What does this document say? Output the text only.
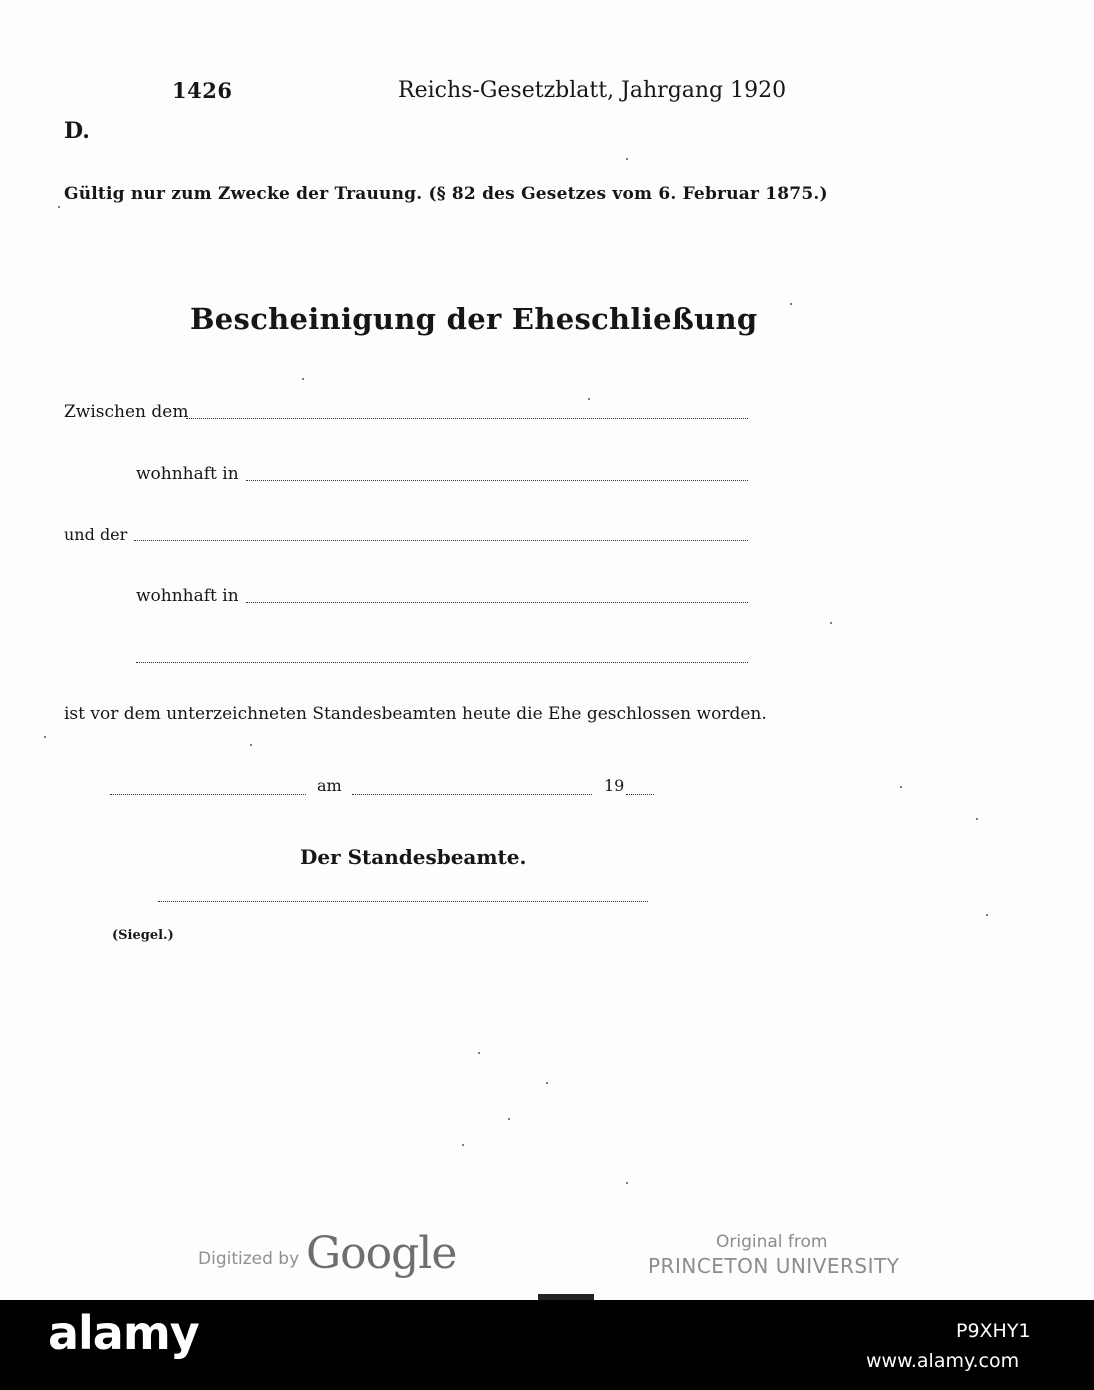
1426	Reichs-Gesetzblatt, Jahrgang 1920
D.
Gültig nur zum Zwecke der Trauung. (§ 82 des Gesetzes vom 6. Februar 1875.)
Bescheinigung der Eheschließung
Zwischen dem
wohnhaft in
und der
wohnhaft in
ist vor dem unterzeichneten Standesbeamten heute die Ehe geschlossen worden.
am	19
Der Standesbeamte.
(Siegel.)
Digitized by Google	Original from
PRINCETON UNIVERSITY
alamy	P9XHY1
www.alamy.com
